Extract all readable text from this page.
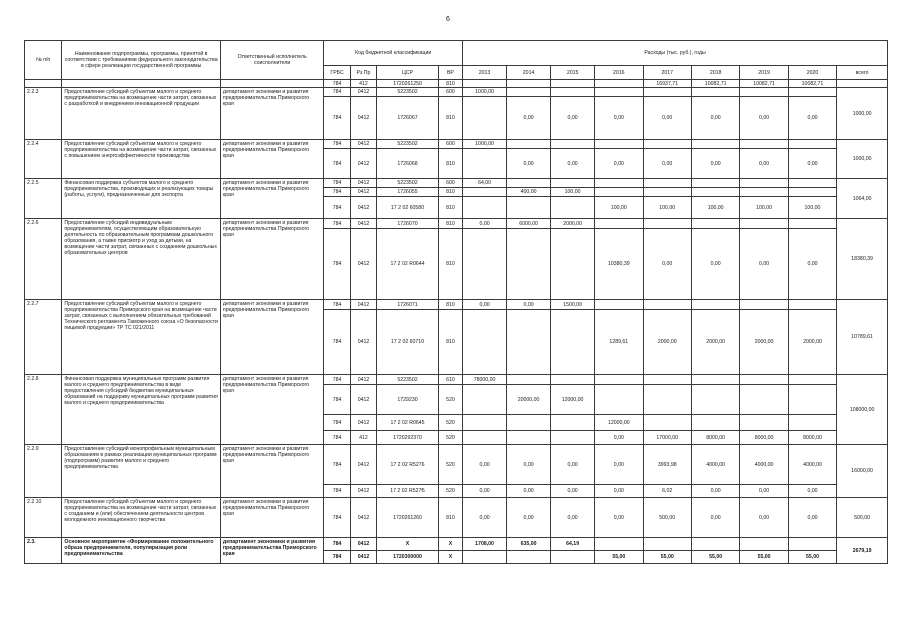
6
№ п/п	Наименование подпрограммы, программы, принятой в соответствии с требованиями федерального законодательства в сфере реализации государственной программы	Ответственный исполнитель соисполнители	Код бюджетной классификации				Расходы (тыс. руб.), годы								
			ГРБС	Рз Пр	ЦСР	ВР	2013	2014	2015	2016	2017	2018	2019	2020	всего
			784	412	1720261250	810					16937,71	10082,71	10082,71	10082,71	
2.2.3	Предоставление субсидий субъектам малого и среднего предпринимательства на возмещение части затрат, связанных с разработкой и внедрением инновационной продукции	департамент экономики и развития предпринимательства Приморского края	784	0412	5223502	600	1000,00								1000,00
			784	0412	1726067	810		0,00	0,00	0,00	0,00	0,00	0,00	0,00	
2.2.4	Предоставление субсидий субъектам малого и среднего предпринимательства на возмещение части затрат, связанных с повышением энергоэффективности производства	департамент экономики и развития предпринимательства Приморского края	784	0412	5223502	600	1000,00								1000,00
			784	0412	1726068	810		0,00	0,00	0,00	0,00	0,00	0,00	0,00	
2.2.5	Финансовая поддержка субъектов малого и среднего предпринимательства, производящих и реализующих товары (работы, услуги), предназначенные для экспорта	департамент экономики и развития предпринимательства Приморского края	784	0412	5223502	600	64,00								1064,00
			784	0412	1726055	810		400,00	100,00						
			784	0412	17 2 02 60580	810				100,00	100,00	100,00	100,00	100,00	
2.2.6	Предоставление субсидий индивидуальным предпринимателям, осуществляющим образовательную деятельность по образовательным программам дошкольного образования, а также присмотр и уход за детьми, на возмещение части затрат, связанных с созданием дошкольных образовательных центров	департамент экономики и развития предпринимательства Приморского края	784	0412	1726070	810	0,00	6000,00	2000,00						18380,39
			784	0412	17 2 02 R0644	810				10380,39	0,00	0,00	0,00	0,00	
2.2.7	Предоставление субсидий субъектам малого и среднего предпринимательства Приморского края на возмещение части затрат, связанных с выполнением обязательных требований Технического регламента Таможенного союза «О безопасности пищевой продукции» ТР ТС 021/2011	департамент экономики и развития предпринимательства Приморского края	784	0412	1726071	810	0,00	0,00	1500,00						10789,61
			784	0412	17 2 02 60710	810				1289,61	2000,00	2000,00	2000,00	2000,00	
2.2.8	Финансовая поддержка муниципальных программ развития малого и среднего предпринимательства в виде предоставления субсидий бюджетам муниципальных образований на поддержку муниципальных программ развития малого и среднего предпринимательства	департамент экономики и развития предпринимательства Приморского края	784	0412	5223502	610	78000,00								108000,00
			784	0412	1729230	520		20000,00	12000,00						
			784	0412	17 2 02 R0645	520				12000,00					
			784	412	1720292370	520				0,00	17000,00	8000,00	8000,00	8000,00	
2.2.9	Предоставление субсидий монопрофильным муниципальным образованиям в рамках реализации муниципальных программ (подпрограмм) развития малого и среднего предпринимательства	департамент экономики и развития предпринимательства Приморского края	784	0412	17 2 02 R5276	520	0,00	0,00	0,00	0,00	3993,98	4000,00	4000,00	4000,00	16000,00
			784	0412	17 2 02 R527Б	520	0,00	0,00	0,00	0,00	6,02	0,00	0,00	0,00	
2.2.10	Предоставление субсидий субъектам малого и среднего предпринимательства на возмещение части затрат, связанных с созданием и (или) обеспечением деятельности центров молодежного инновационного творчества	департамент экономики и развития предпринимательства Приморского края	784	0412	1720261260	810	0,00	0,00	0,00	0,00	500,00	0,00	0,00	0,00	500,00
2.3.	Основное мероприятие «Формирование положительного образа предпринимателя, популяризация роли предпринимательства	департамент экономики и развития предпринимательства Приморского края	784	0412	X	X	1708,00	635,00	64,19						2679,19
			784	0412	1720300000	X				55,00	55,00	55,00	55,00	55,00	
